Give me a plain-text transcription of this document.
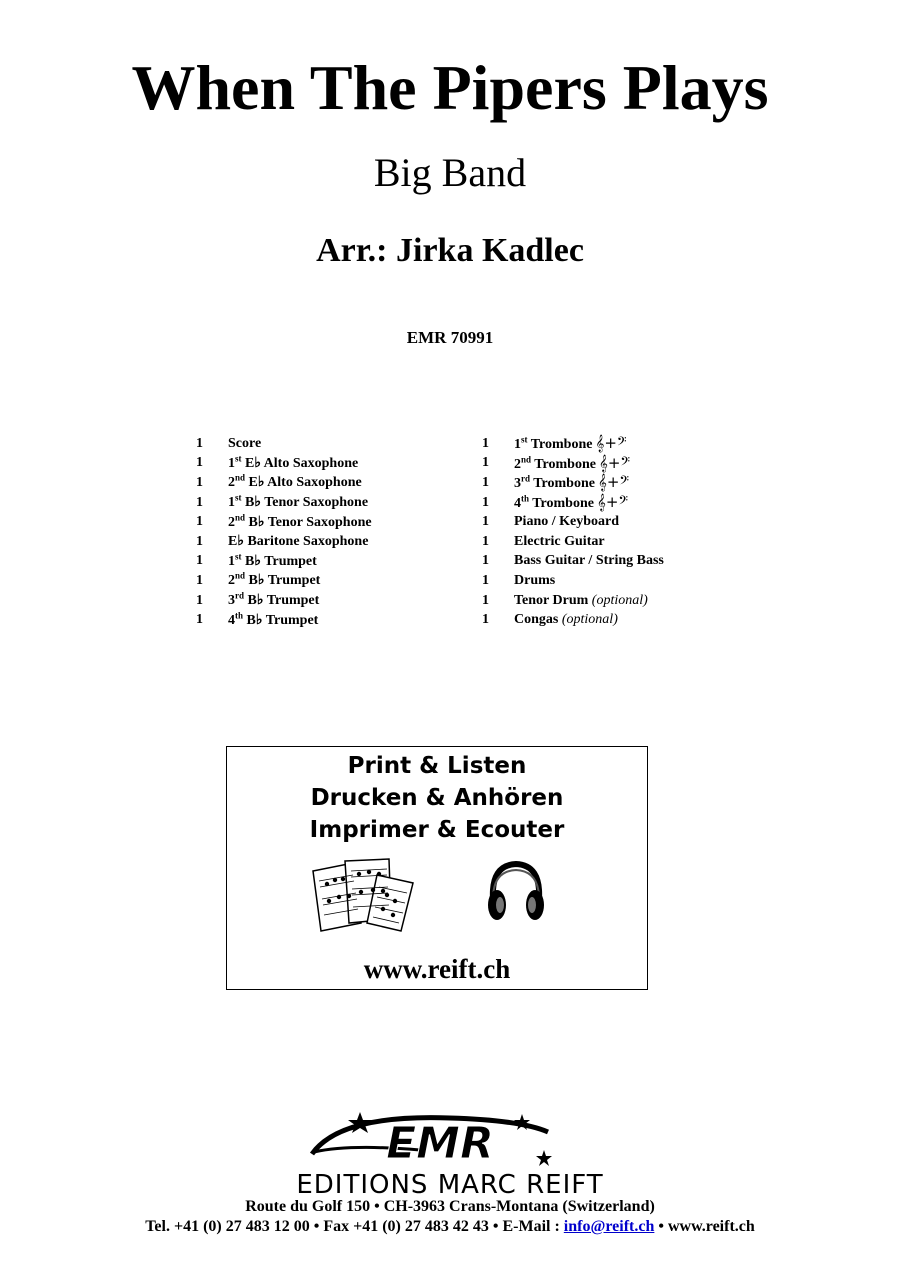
When The Pipers Plays
Big Band
Arr.: Jirka Kadlec
EMR 70991
1	Score
1	1st E♭ Alto Saxophone
1	2nd E♭ Alto Saxophone
1	1st B♭ Tenor Saxophone
1	2nd B♭ Tenor Saxophone
1	E♭ Baritone Saxophone
1	1st B♭ Trumpet
1	2nd B♭ Trumpet
1	3rd B♭ Trumpet
1	4th B♭ Trumpet
1	1st Trombone 𝄞+𝄢
1	2nd Trombone 𝄞+𝄢
1	3rd Trombone 𝄞+𝄢
1	4th Trombone 𝄞+𝄢
1	Piano / Keyboard
1	Electric Guitar
1	Bass Guitar / String Bass
1	Drums
1	Tenor Drum (optional)
1	Congas (optional)
Print & Listen
Drucken & Anhören
Imprimer & Ecouter
www.reift.ch
EMR
EDITIONS MARC REIFT
Route du Golf 150 • CH-3963 Crans-Montana (Switzerland)
Tel. +41 (0) 27 483 12 00 • Fax +41 (0) 27 483 42 43 • E-Mail : info@reift.ch • www.reift.ch
